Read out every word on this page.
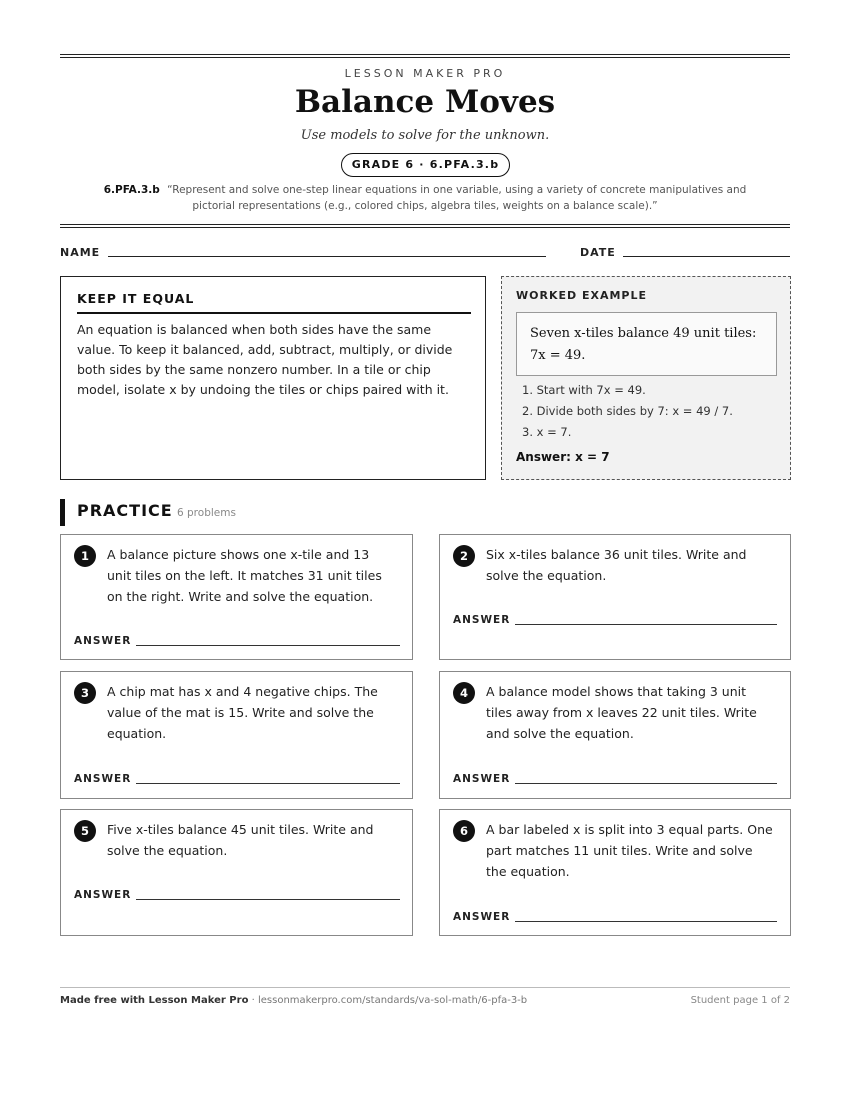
LESSON MAKER PRO
Balance Moves
Use models to solve for the unknown.
GRADE 6 · 6.PFA.3.b
6.PFA.3.b “Represent and solve one-step linear equations in one variable, using a variety of concrete manipulatives and pictorial representations (e.g., colored chips, algebra tiles, weights on a balance scale).”
NAME	DATE
KEEP IT EQUAL
An equation is balanced when both sides have the same value. To keep it balanced, add, subtract, multiply, or divide both sides by the same nonzero number. In a tile or chip model, isolate x by undoing the tiles or chips paired with it.
WORKED EXAMPLE
Seven x-tiles balance 49 unit tiles: 7x = 49.
1. Start with 7x = 49.
2. Divide both sides by 7: x = 49 / 7.
3. x = 7.
Answer: x = 7
PRACTICE 6 problems
1	A balance picture shows one x-tile and 13 unit tiles on the left. It matches 31 unit tiles on the right. Write and solve the equation.
ANSWER
2	Six x-tiles balance 36 unit tiles. Write and solve the equation.
ANSWER
3	A chip mat has x and 4 negative chips. The value of the mat is 15. Write and solve the equation.
ANSWER
4	A balance model shows that taking 3 unit tiles away from x leaves 22 unit tiles. Write and solve the equation.
ANSWER
5	Five x-tiles balance 45 unit tiles. Write and solve the equation.
ANSWER
6	A bar labeled x is split into 3 equal parts. One part matches 11 unit tiles. Write and solve the equation.
ANSWER
Made free with Lesson Maker Pro · lessonmakerpro.com/standards/va-sol-math/6-pfa-3-b	Student page 1 of 2
